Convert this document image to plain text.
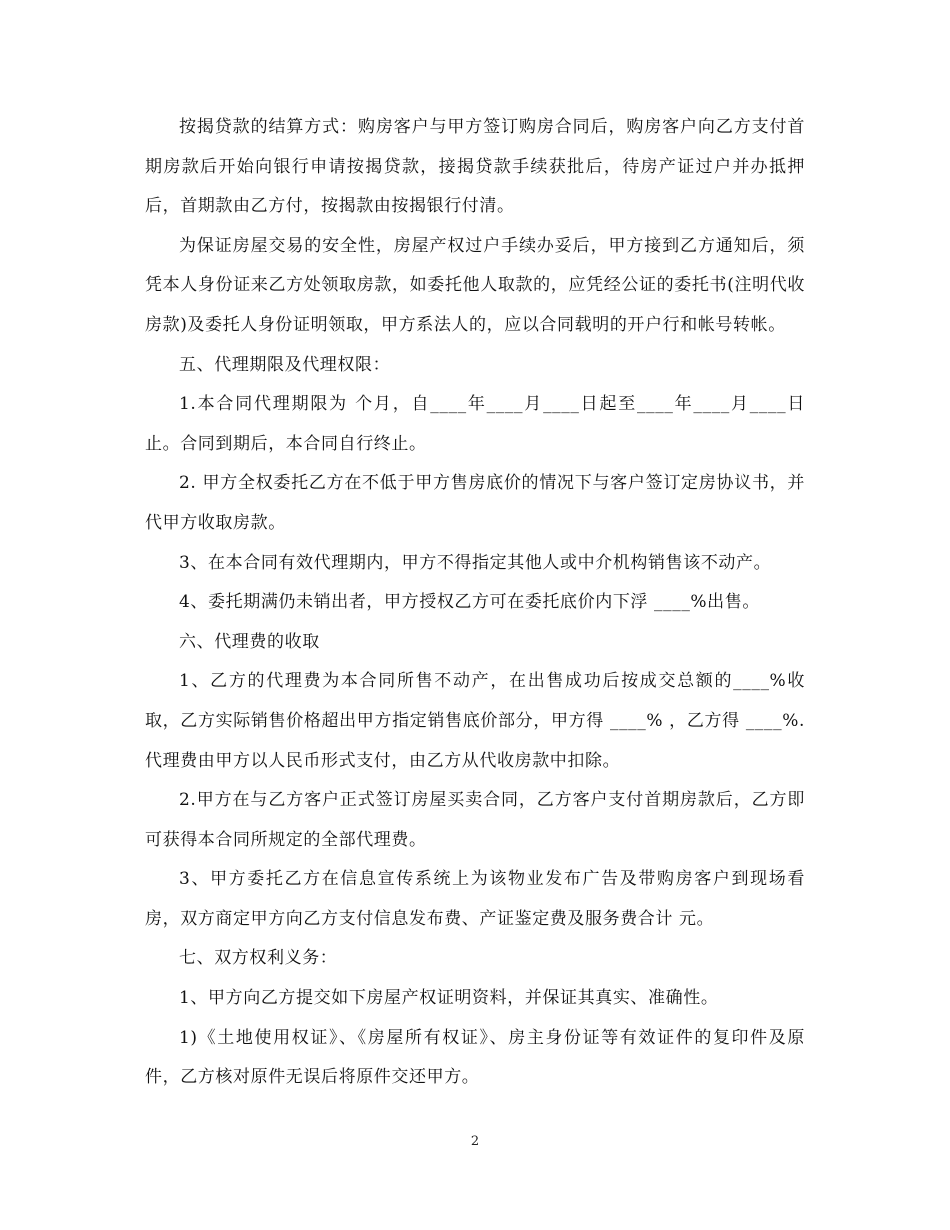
按揭贷款的结算方式：购房客户与甲方签订购房合同后，购房客户向乙方支付首期房款后开始向银行申请按揭贷款，接揭贷款手续获批后，待房产证过户并办抵押后，首期款由乙方付，按揭款由按揭银行付清。

为保证房屋交易的安全性，房屋产权过户手续办妥后，甲方接到乙方通知后，须凭本人身份证来乙方处领取房款，如委托他人取款的，应凭经公证的委托书(注明代收房款)及委托人身份证明领取，甲方系法人的，应以合同载明的开户行和帐号转帐。

五、代理期限及代理权限：

1.本合同代理期限为 个月，自____年____月____日起至____年____月____日止。合同到期后，本合同自行终止。

2. 甲方全权委托乙方在不低于甲方售房底价的情况下与客户签订定房协议书，并代甲方收取房款。

3、在本合同有效代理期内，甲方不得指定其他人或中介机构销售该不动产。

4、委托期满仍未销出者，甲方授权乙方可在委托底价内下浮 ____%出售。

六、代理费的收取

1、乙方的代理费为本合同所售不动产，在出售成功后按成交总额的____%收取，乙方实际销售价格超出甲方指定销售底价部分，甲方得 ____% ，乙方得 ____%.代理费由甲方以人民币形式支付，由乙方从代收房款中扣除。

2.甲方在与乙方客户正式签订房屋买卖合同，乙方客户支付首期房款后，乙方即可获得本合同所规定的全部代理费。

3、甲方委托乙方在信息宣传系统上为该物业发布广告及带购房客户到现场看房，双方商定甲方向乙方支付信息发布费、产证鉴定费及服务费合计 元。

七、双方权利义务：

1、甲方向乙方提交如下房屋产权证明资料，并保证其真实、准确性。

1)《土地使用权证》、《房屋所有权证》、房主身份证等有效证件的复印件及原件，乙方核对原件无误后将原件交还甲方。

2
